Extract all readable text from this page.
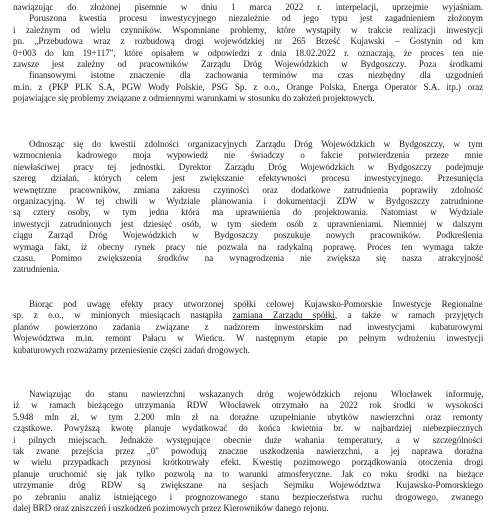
nawiązując do złożonej pisemnie w dniu 1 marca 2022 r. interpelacji, uprzejmie wyjaśniam.
Poruszona kwestia procesu inwestycyjnego niezależnie od jego typu jest zagadnieniem złożonym
i zależnym od wielu czynników. Wspomniane problemy, które wystąpiły w trakcie realizacji inwestycji
pn. „Przebudowa wraz z rozbudową drogi wojewódzkiej nr 265 Brześć Kujawski – Gostynin od km
0+003 do km 19+117", które opisałem w odpowiedzi z dnia 18.02.2022 r. oznaczają, że proces ten nie
zawsze jest zależny od pracowników Zarządu Dróg Wojewódzkich w Bydgoszczy. Poza środkami
finansowymi istotne znaczenie dla zachowania terminów ma czas niezbędny dla uzgodnień
m.in. z (PKP PLK S.A, PGW Wody Polskie, PSG Sp. z o.o., Orange Polska, Energa Operator S.A. itp.) oraz
pojawiające się problemy związane z odmiennymi warunkami w stosunku do założeń projektowych.
Odnosząc się do kwestii zdolności organizacyjnych Zarządu Dróg Wojewódzkich w Bydgoszczy, w tym
wzmocnienia kadrowego moja wypowiedź nie świadczy o fakcie potwierdzenia przeze mnie
niewłaściwej pracy tej jednostki. Dyrektor Zarządu Dróg Wojewódzkich w Bydgoszczy podejmuje
szereg działań, których celem jest zwiększanie efektywności procesu inwestycyjnego. Przesunięcia
wewnętrzne pracowników, zmiana zakresu czynności oraz dodatkowe zatrudnienia poprawiły zdolność
organizacyjną. W tej chwili w Wydziale planowania i dokumentacji ZDW w Bydgoszczy zatrudnione
są cztery osoby, w tym jedna która ma uprawnienia do projektowania. Natomiast w Wydziale
inwestycji zatrudnionych jest dziesięć osób, w tym siedem osób z uprawnieniami. Niemniej w dalszym
ciągu Zarząd Dróg Wojewódzkich w Bydgoszczy poszukuje nowych pracowników. Podkreślenia
wymaga fakt, iż obecny rynek pracy nie pozwala na radykalną poprawę. Proces ten wymaga także
czasu. Pomimo zwiększenia środków na wynagrodzenia nie zwiększa się nasza atrakcyjność
zatrudnienia.
Biorąc pod uwagę efekty pracy utworzonej spółki celowej Kujawsko-Pomorskie Inwestycje Regionalne
sp. z o.o., w minionych miesiącach nastąpiła zamiana Zarządu spółki, a także w ramach przyjętych
planów powierzono zadania związane z nadzorem inwestorskim nad inwestycjami kubaturowymi
Województwa m.in. remont Pałacu w Wieńcu. W następnym etapie po pełnym wdrożeniu inwestycji
kubaturowych rozważamy przeniesienie części zadań drogowych.
Nawiązując do stanu nawierzchni wskazanych dróg wojewódzkich rejonu Włocławek informuję,
iż w ramach bieżącego utrzymania RDW Włocławek otrzymało na 2022 rok środki w wysokości
5.948 mln zł, w tym 2.200 mln zł na doraźne uzupełnianie ubytków nawierzchni oraz remonty
cząstkowe. Powyższą kwotę planuje wydatkować do końca kwietnia br. w najbardziej niebezpiecznych
i pilnych miejscach. Jednakże występujące obecnie duże wahania temperatury, a w szczególności
tak zwane przejścia przez „0" powodują znaczne uszkodzenia nawierzchni, a jej naprawa doraźna
w wielu przypadkach przynosi krótkotrwały efekt. Kwestię pozimowego porządkowania otoczenia drogi
planuje uruchomić się jak tylko pozwolą na to warunki atmosferyczne. Jak co roku środki na bieżące
utrzymanie dróg RDW są zwiększane na sesjach Sejmiku Województwa Kujawsko-Pomorskiego
po zebraniu analiz istniejącego i prognozowanego stanu bezpieczeństwa ruchu drogowego, zwanego
dalej BRD oraz zniszczeń i uszkodzeń pozimowych przez Kierowników danego rejonu.
